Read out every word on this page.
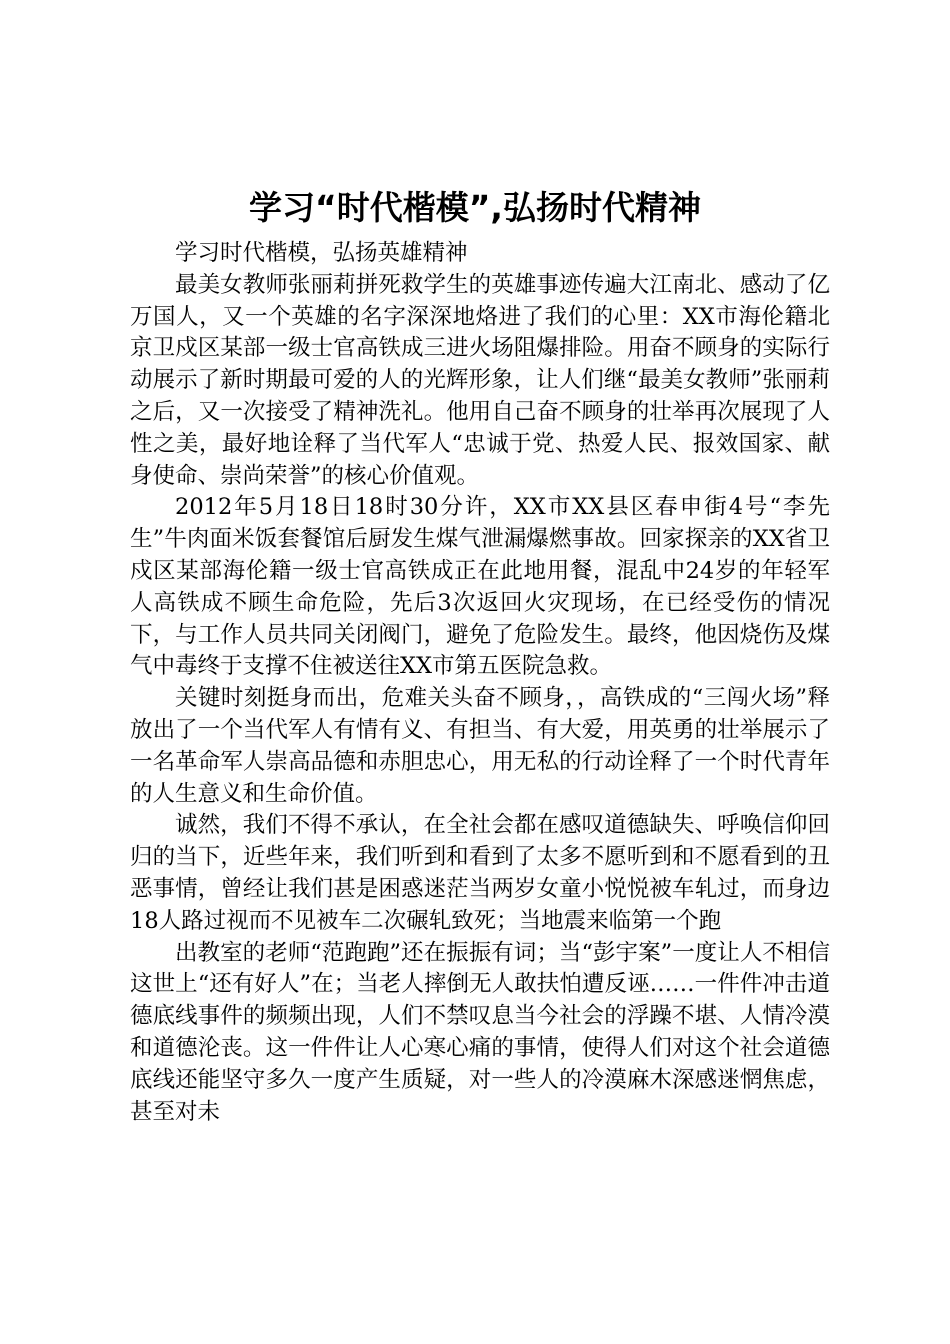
学习“时代楷模”,弘扬时代精神

学习时代楷模，弘扬英雄精神

最美女教师张丽莉拼死救学生的英雄事迹传遍大江南北、感动了亿万国人，又一个英雄的名字深深地烙进了我们的心里：XX市海伦籍北京卫戍区某部一级士官高铁成三进火场阻爆排险。用奋不顾身的实际行动展示了新时期最可爱的人的光辉形象，让人们继“最美女教师”张丽莉之后，又一次接受了精神洗礼。他用自己奋不顾身的壮举再次展现了人性之美，最好地诠释了当代军人“忠诚于党、热爱人民、报效国家、献身使命、崇尚荣誉”的核心价值观。

2012年5月18日18时30分许，XX市XX县区春申街4号“李先生”牛肉面米饭套餐馆后厨发生煤气泄漏爆燃事故。回家探亲的XX省卫戍区某部海伦籍一级士官高铁成正在此地用餐，混乱中24岁的年轻军人高铁成不顾生命危险，先后3次返回火灾现场，在已经受伤的情况下，与工作人员共同关闭阀门，避免了危险发生。最终，他因烧伤及煤气中毒终于支撑不住被送往XX市第五医院急救。

关键时刻挺身而出，危难关头奋不顾身，，高铁成的“三闯火场”释放出了一个当代军人有情有义、有担当、有大爱，用英勇的壮举展示了一名革命军人崇高品德和赤胆忠心，用无私的行动诠释了一个时代青年的人生意义和生命价值。

诚然，我们不得不承认，在全社会都在感叹道德缺失、呼唤信仰回归的当下，近些年来，我们听到和看到了太多不愿听到和不愿看到的丑恶事情，曾经让我们甚是困惑迷茫当两岁女童小悦悦被车轧过，而身边18人路过视而不见被车二次碾轧致死；当地震来临第一个跑

出教室的老师“范跑跑”还在振振有词；当“彭宇案”一度让人不相信这世上“还有好人”在；当老人摔倒无人敢扶怕遭反诬……一件件冲击道德底线事件的频频出现，人们不禁叹息当今社会的浮躁不堪、人情冷漠和道德沦丧。这一件件让人心寒心痛的事情，使得人们对这个社会道德底线还能坚守多久一度产生质疑，对一些人的冷漠麻木深感迷惘焦虑，甚至对未
